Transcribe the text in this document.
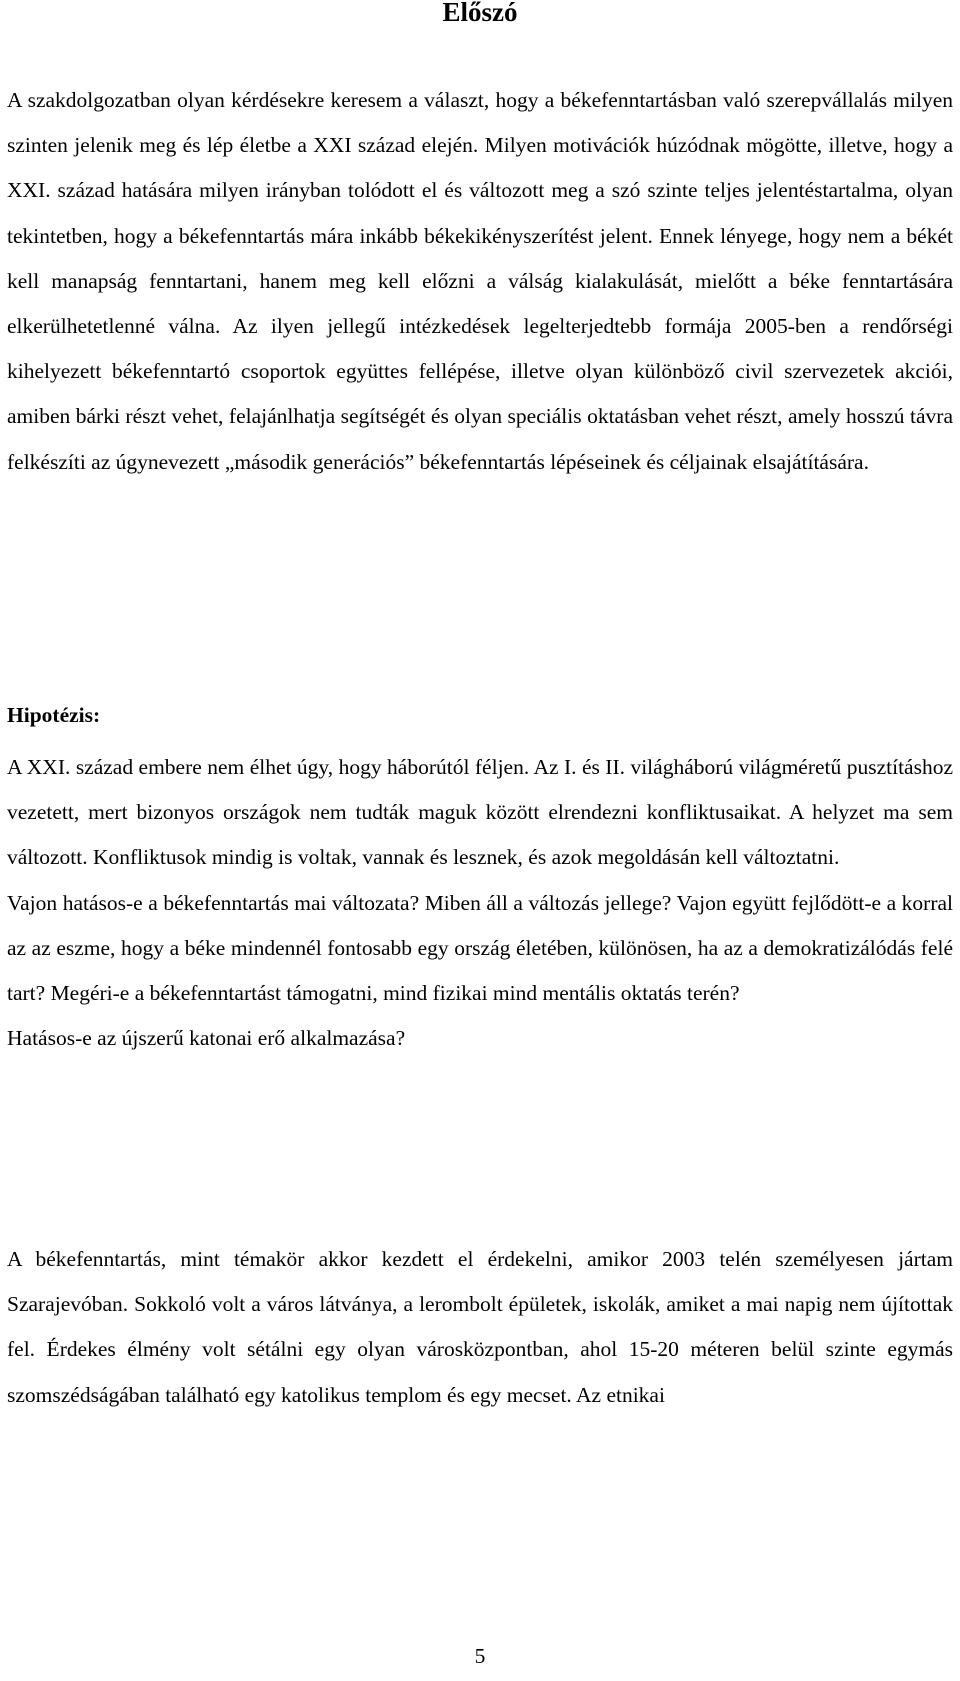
Előszó

A szakdolgozatban olyan kérdésekre keresem a választ, hogy a békefenntartásban való szerepvállalás milyen szinten jelenik meg és lép életbe a XXI század elején. Milyen motivációk húzódnak mögötte, illetve, hogy a XXI. század hatására milyen irányban tolódott el és változott meg a szó szinte teljes jelentéstartalma, olyan tekintetben, hogy a békefenntartás mára inkább békekikényszerítést jelent. Ennek lényege, hogy nem a békét kell manapság fenntartani, hanem meg kell előzni a válság kialakulását, mielőtt a béke fenntartására elkerülhetetlenné válna. Az ilyen jellegű intézkedések legelterjedtebb formája 2005-ben a rendőrségi kihelyezett békefenntartó csoportok együttes fellépése, illetve olyan különböző civil szervezetek akciói, amiben bárki részt vehet, felajánlhatja segítségét és olyan speciális oktatásban vehet részt, amely hosszú távra felkészíti az úgynevezett „második generációs” békefenntartás lépéseinek és céljainak elsajátítására.

Hipotézis:

A XXI. század embere nem élhet úgy, hogy háborútól féljen. Az I. és II. világháború világméretű pusztításhoz vezetett, mert bizonyos országok nem tudták maguk között elrendezni konfliktusaikat. A helyzet ma sem változott. Konfliktusok mindig is voltak, vannak és lesznek, és azok megoldásán kell változtatni.

Vajon hatásos-e a békefenntartás mai változata? Miben áll a változás jellege? Vajon együtt fejlődött-e a korral az az eszme, hogy a béke mindennél fontosabb egy ország életében, különösen, ha az a demokratizálódás felé tart? Megéri-e a békefenntartást támogatni, mind fizikai mind mentális oktatás terén?

Hatásos-e az újszerű katonai erő alkalmazása?

A békefenntartás, mint témakör akkor kezdett el érdekelni, amikor 2003 telén személyesen jártam Szarajevóban. Sokkoló volt a város látványa, a lerombolt épületek, iskolák, amiket a mai napig nem újítottak fel. Érdekes élmény volt sétálni egy olyan városközpontban, ahol 15-20 méteren belül szinte egymás szomszédságában található egy katolikus templom és egy mecset. Az etnikai

5
